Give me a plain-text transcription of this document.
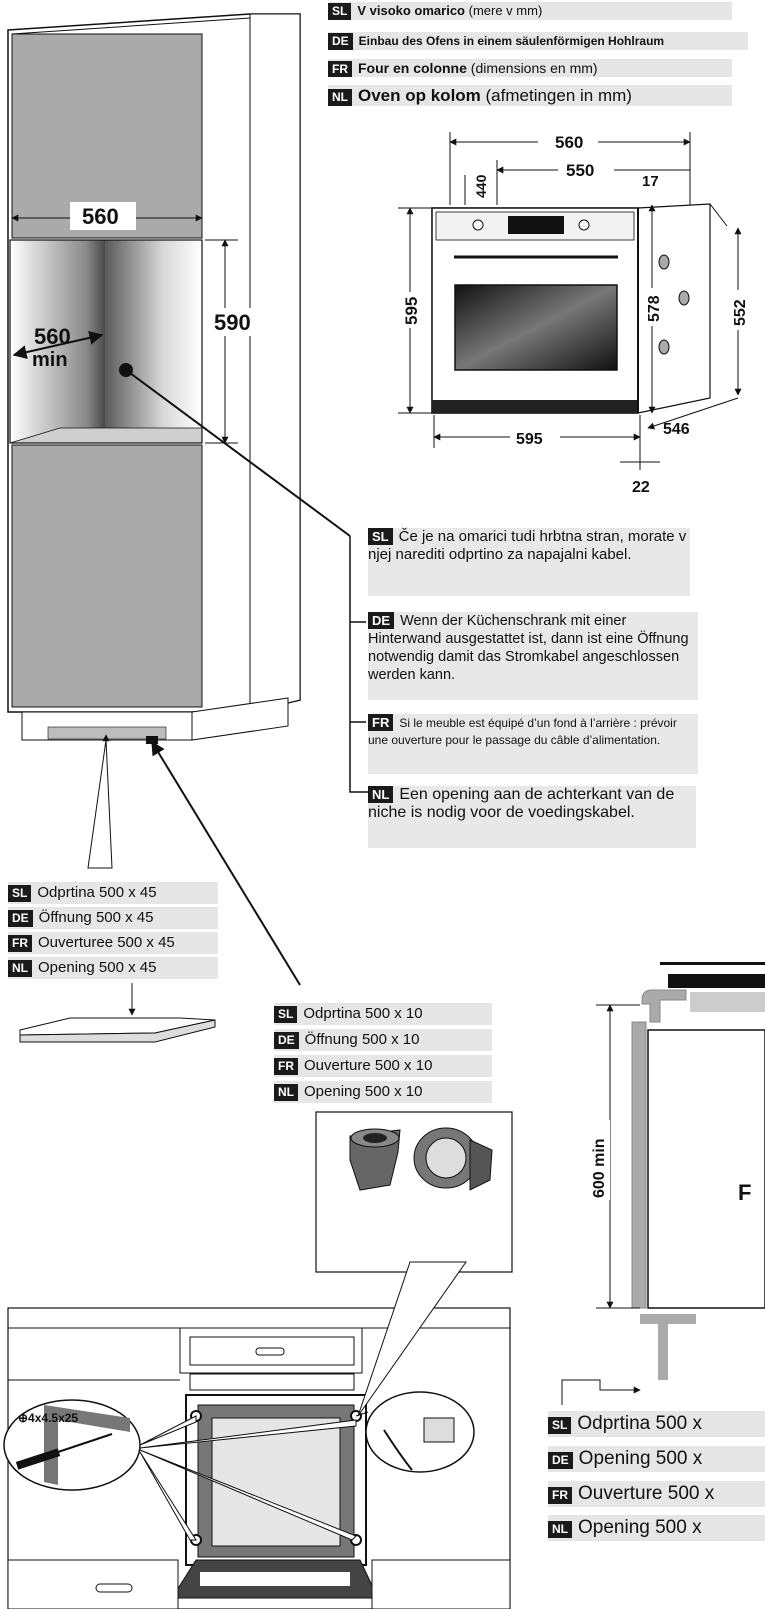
SL V visoko omarico (mere v mm)
DE Einbau des Ofens in einem säulenförmigen Hohlraum
FR Four en colonne (dimensions en mm)
NL Oven op kolom (afmetingen in mm)
560
590
560
min
560
550
440	17
595	578	552
595
546
22
600 min	F
⊕4x4.5x25
SL Če je na omarici tudi hrbtna stran, morate v njej narediti odprtino za napajalni kabel.
DE Wenn der Küchenschrank mit einer Hinterwand ausgestattet ist, dann ist eine Öffnung notwendig damit das Stromkabel angeschlossen werden kann.
FR Si le meuble est équipé d’un fond à l’arrière : prévoir une ouverture pour le passage du câble d’alimentation.
NL Een opening aan de achterkant van de niche is nodig voor de voedingskabel.
SL Odprtina 500 x 45
DE Öffnung 500 x 45
FR Ouverturee 500 x 45
NL Opening 500 x 45
SL Odprtina 500 x 10
DE Öffnung 500 x 10
FR Ouverture 500 x 10
NL Opening 500 x 10
SL Odprtina 500 x
DE Opening 500 x
FR Ouverture 500 x
NL Opening 500 x
